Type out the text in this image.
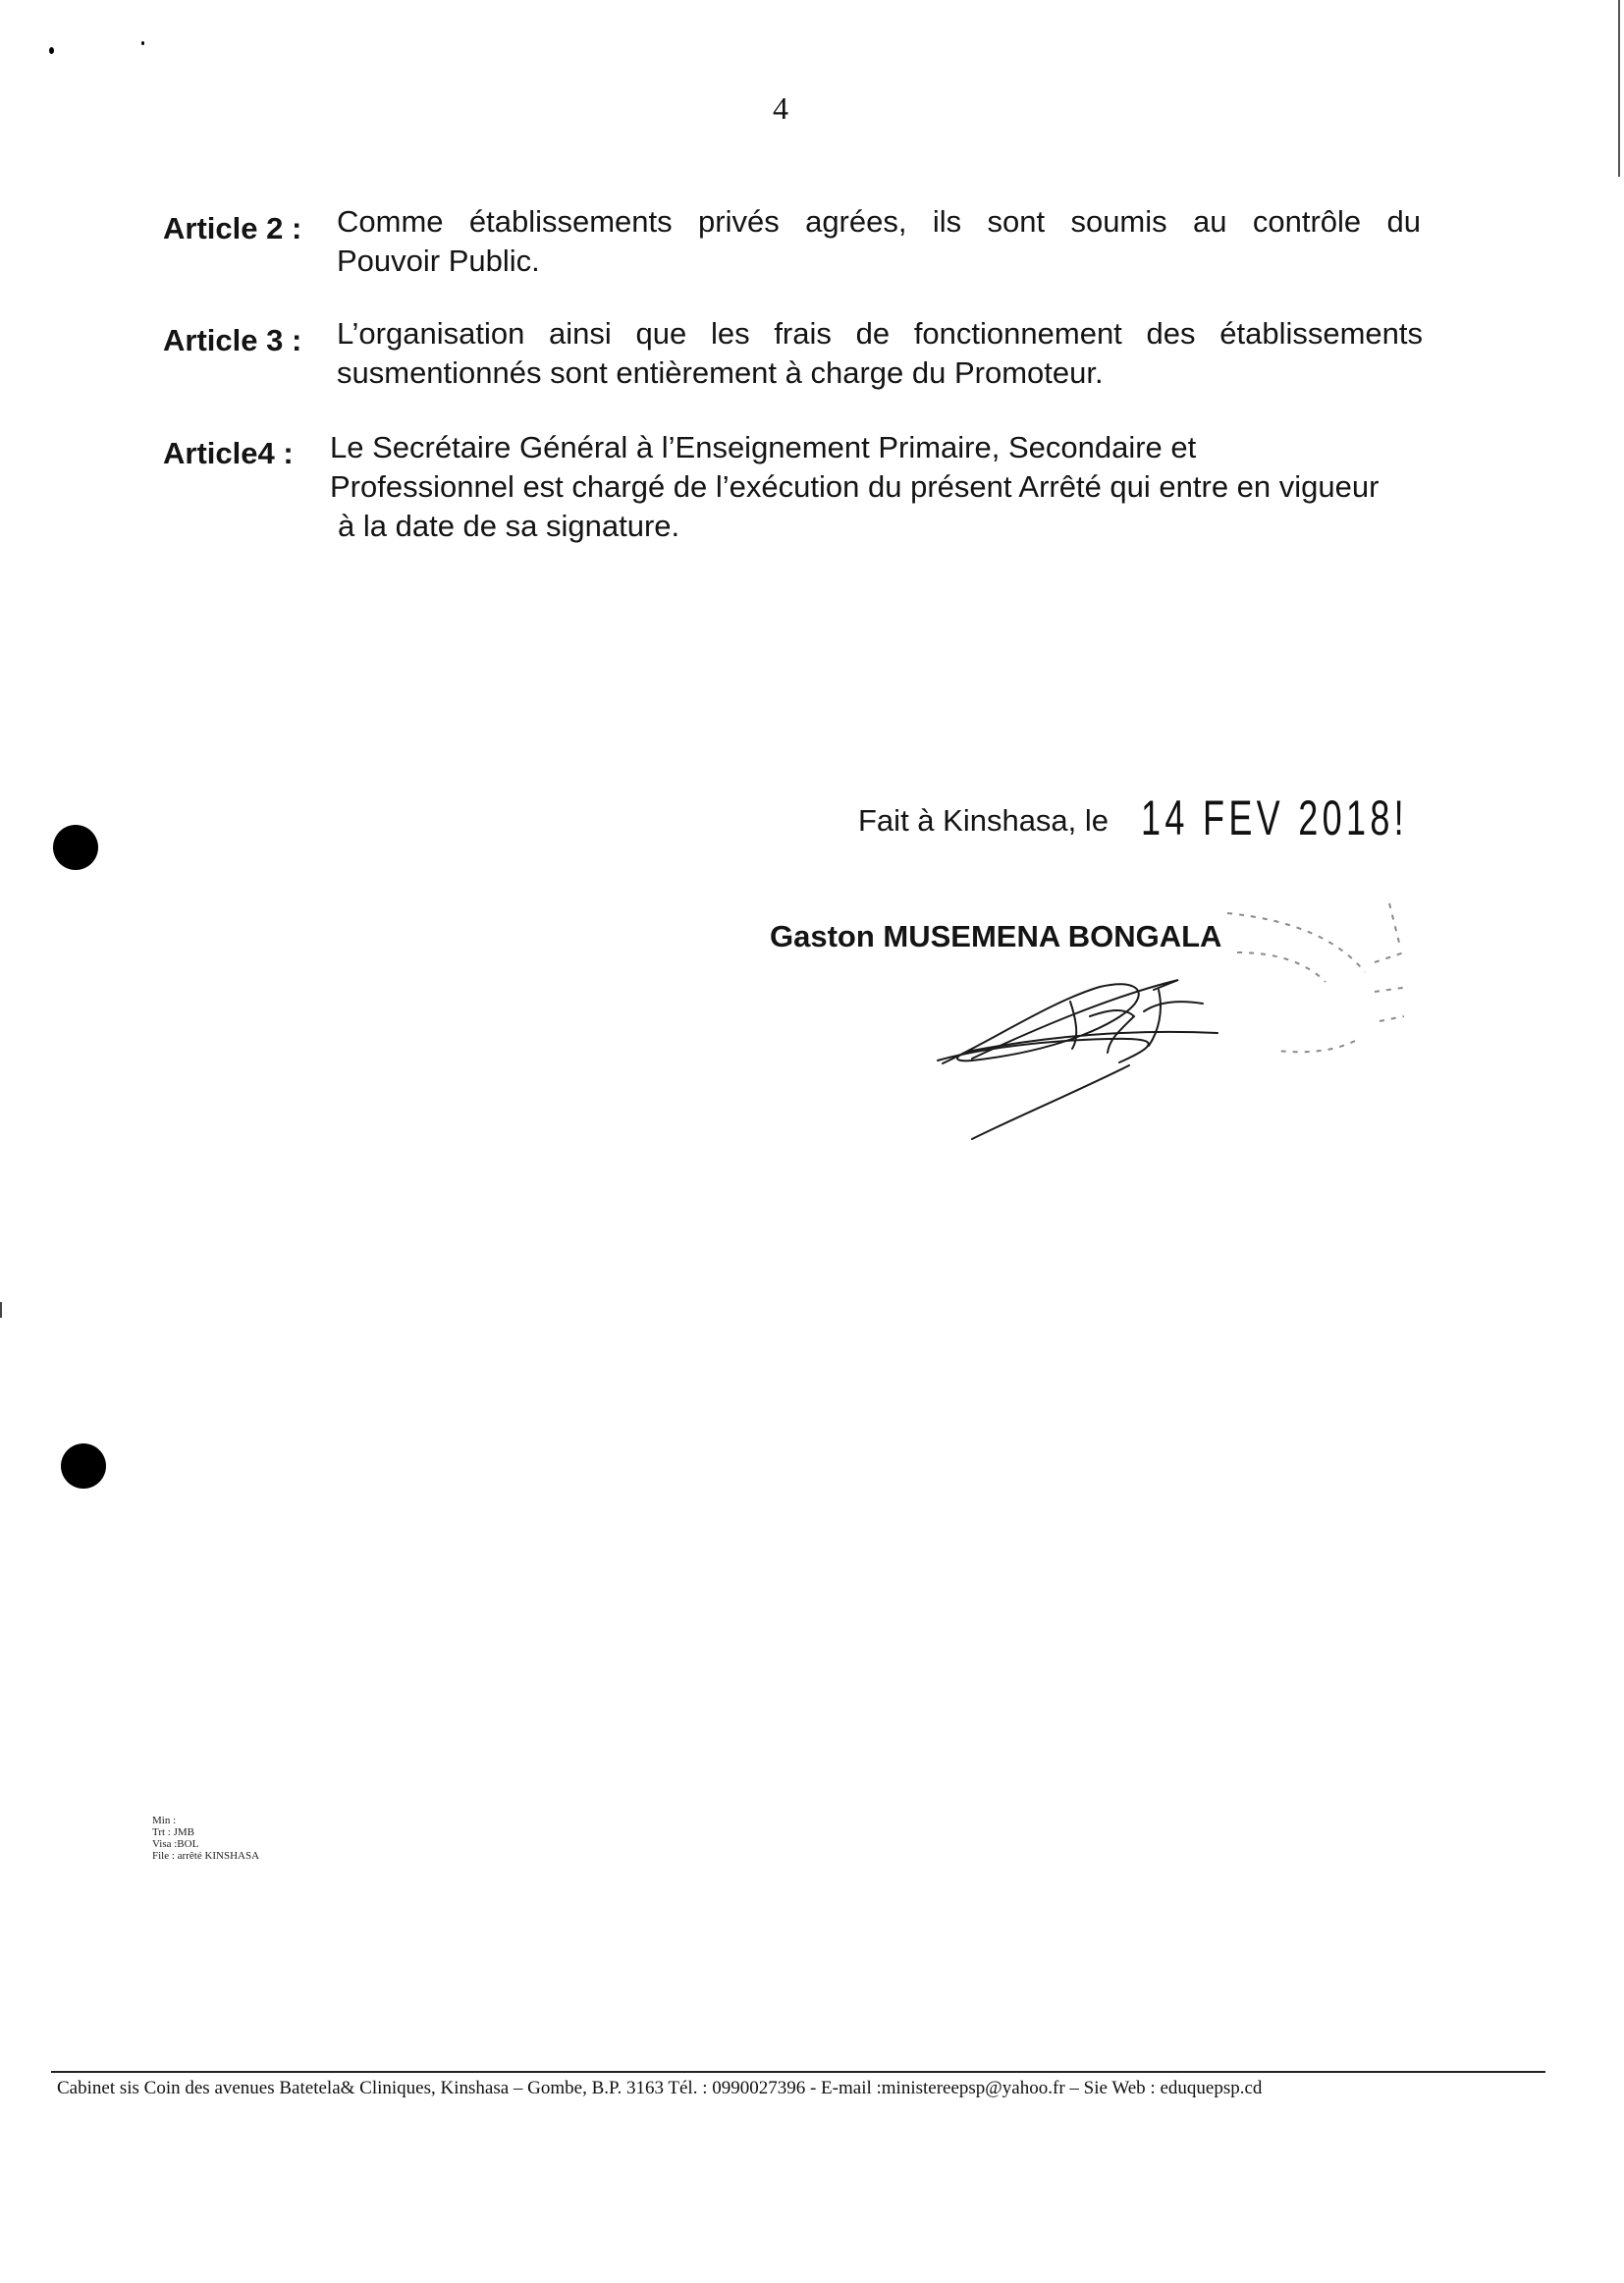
4
Article 2 : Comme établissements privés agrées, ils sont soumis au contrôle du
Pouvoir Public.
Article 3 : L’organisation ainsi que les frais de fonctionnement des établissements
susmentionnés sont entièrement à charge du Promoteur.
Article4 : Le Secrétaire Général à l’Enseignement Primaire, Secondaire et
Professionnel est chargé de l’exécution du présent Arrêté qui entre en vigueur
à la date de sa signature.
Fait à Kinshasa, le 14 FEV 2018!
Gaston MUSEMENA BONGALA
Min :
Trt : JMB
Visa :BOL
File : arrêté KINSHASA
Cabinet sis Coin des avenues Batetela& Cliniques, Kinshasa – Gombe, B.P. 3163 Tél. : 0990027396 - E-mail :ministereepsp@yahoo.fr – Sie Web : eduquepsp.cd
